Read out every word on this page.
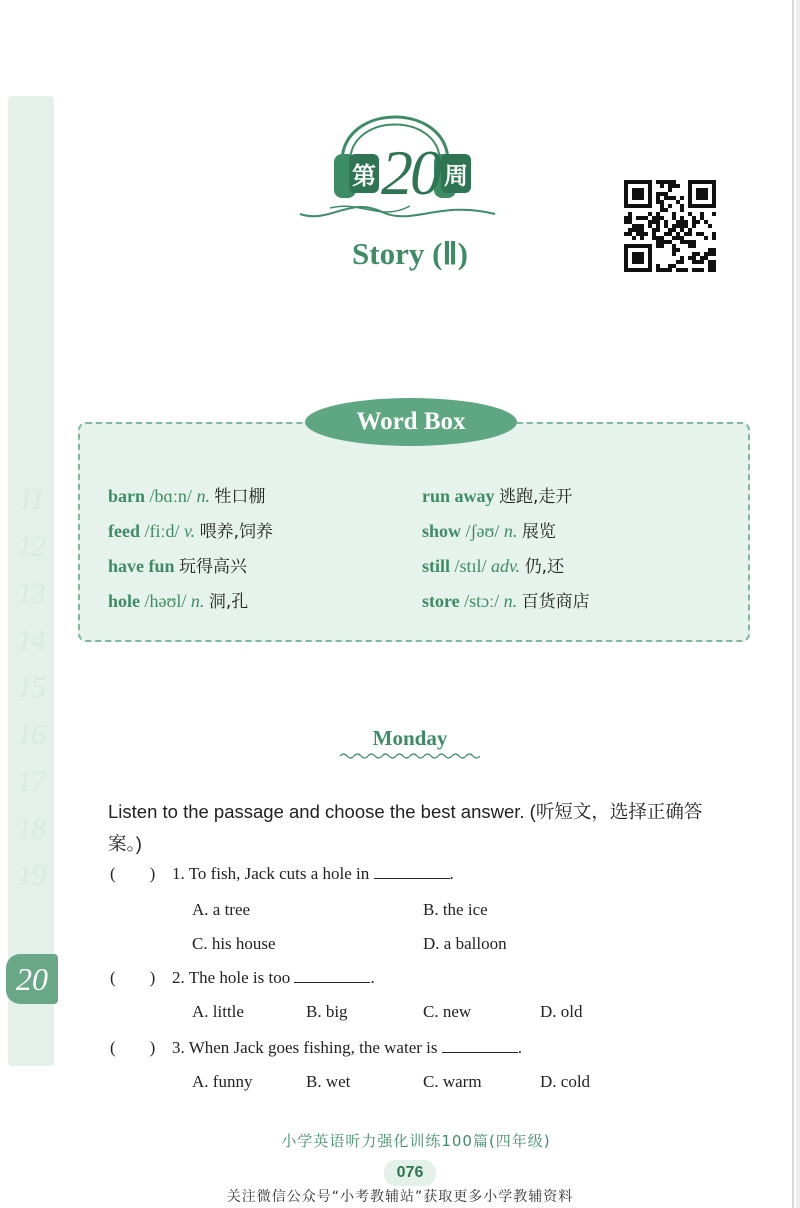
11
12
13
14
15
16
17
18
19
20
第 20 周
Story (Ⅱ)
Word Box
barn /bɑːn/ n. 牲口棚
feed /fiːd/ v. 喂养,饲养
have fun 玩得高兴
hole /həʊl/ n. 洞,孔
run away 逃跑,走开
show /ʃəʊ/ n. 展览
still /stɪl/ adv. 仍,还
store /stɔː/ n. 百货商店
Monday
Listen to the passage and choose the best answer. (听短文，选择正确答案。)
(        ) 1. To fish, Jack cuts a hole in	.
A. a tree	B. the ice
C. his house	D. a balloon
(        ) 2. The hole is too	.
A. little	B. big	C. new	D. old
(        ) 3. When Jack goes fishing, the water is	.
A. funny	B. wet	C. warm	D. cold
小学英语听力强化训练100篇(四年级)
076
关注微信公众号“小考教辅站”获取更多小学教辅资料
